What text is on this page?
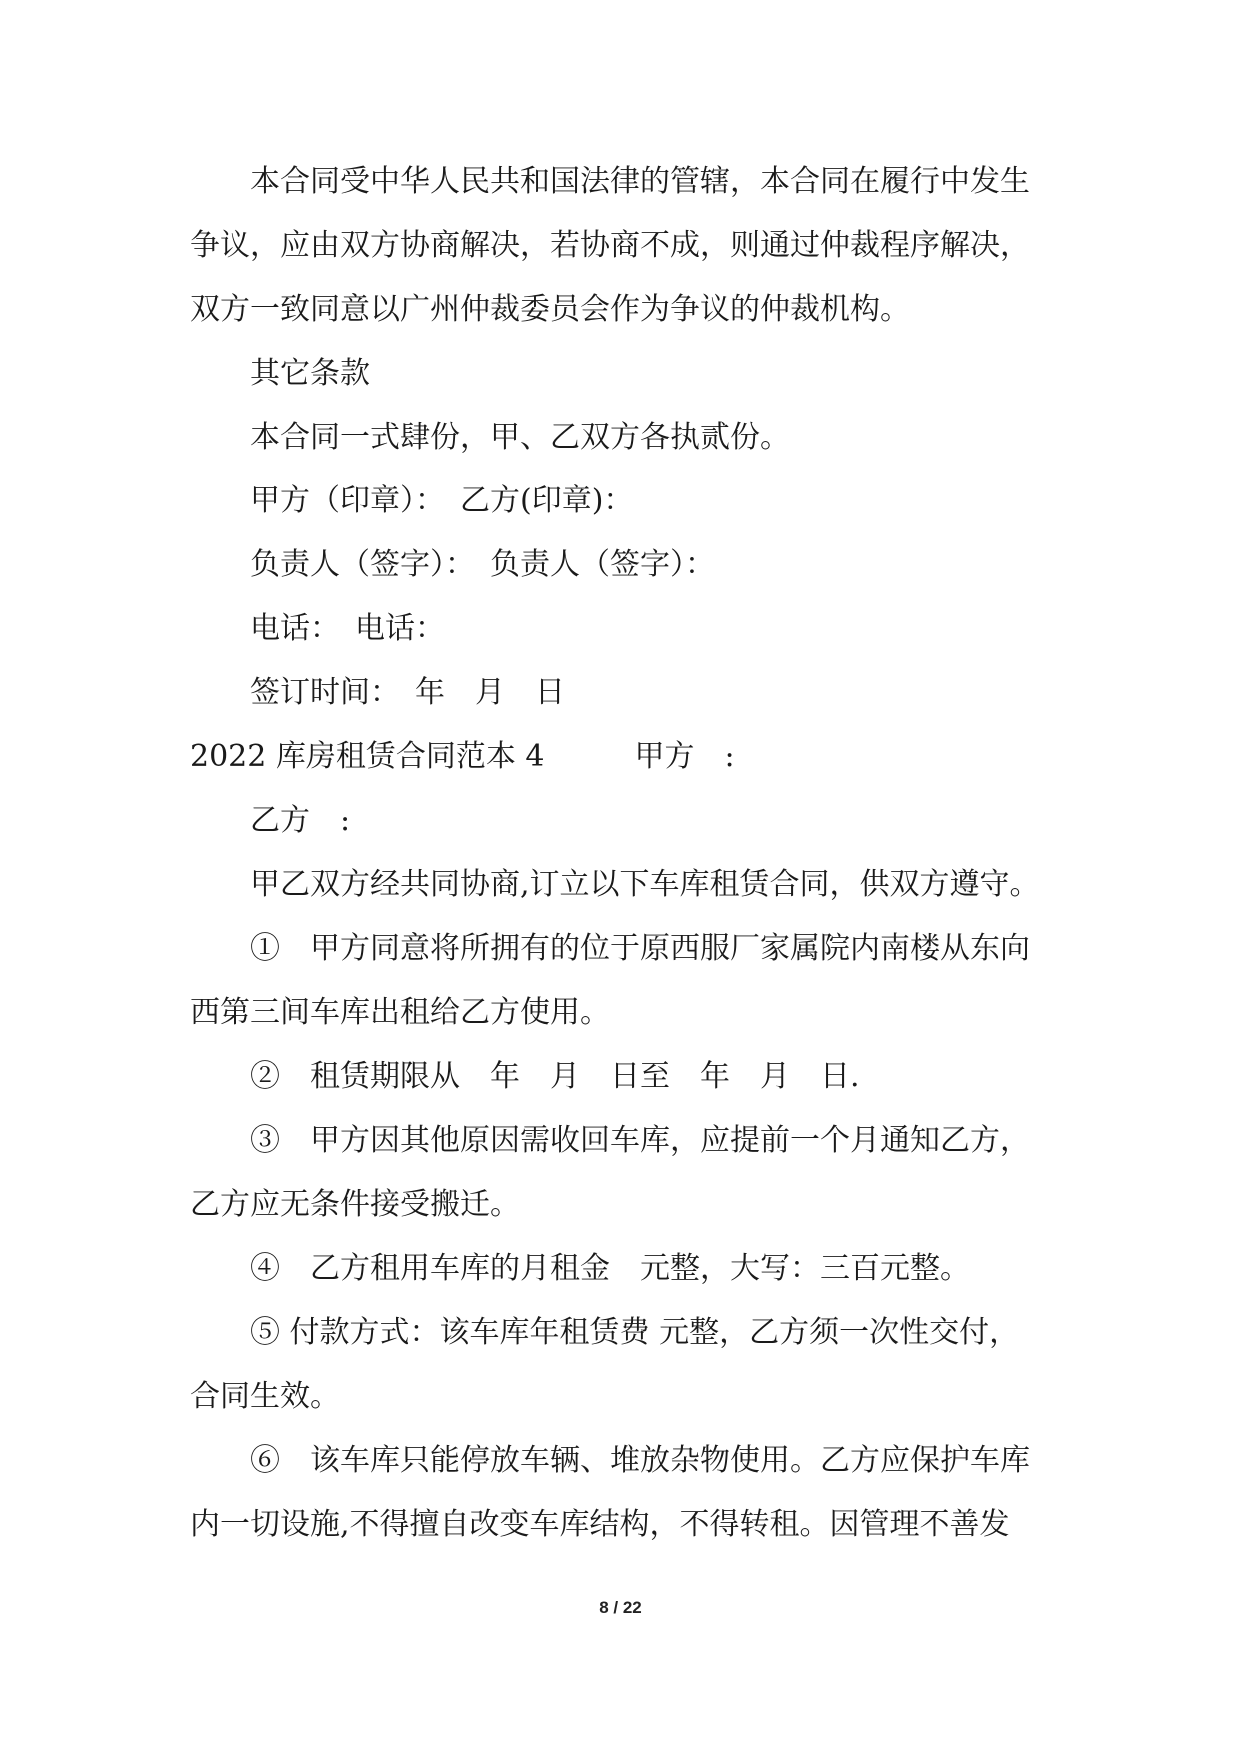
本合同受中华人民共和国法律的管辖，本合同在履行中发生
争议，应由双方协商解决，若协商不成，则通过仲裁程序解决，
双方一致同意以广州仲裁委员会作为争议的仲裁机构。
其它条款
本合同一式肆份，甲、乙双方各执贰份。
甲方（印章）：　乙方(印章)：
负责人（签字）：　负责人（签字）：
电话：　电话：
签订时间：　年　月　日
2022 库房租赁合同范本 4　　　甲方　:
乙方　:
甲乙双方经共同协商,订立以下车库租赁合同，供双方遵守。
①　甲方同意将所拥有的位于原西服厂家属院内南楼从东向
西第三间车库出租给乙方使用。
②　租赁期限从　年　月　日至　年　月　日.
③　甲方因其他原因需收回车库，应提前一个月通知乙方，
乙方应无条件接受搬迁。
④　乙方租用车库的月租金　元整，大写：三百元整。
⑤ 付款方式：该车库年租赁费 元整，乙方须一次性交付，
合同生效。
⑥　该车库只能停放车辆、堆放杂物使用。乙方应保护车库
内一切设施,不得擅自改变车库结构，不得转租。因管理不善发
8 / 22
